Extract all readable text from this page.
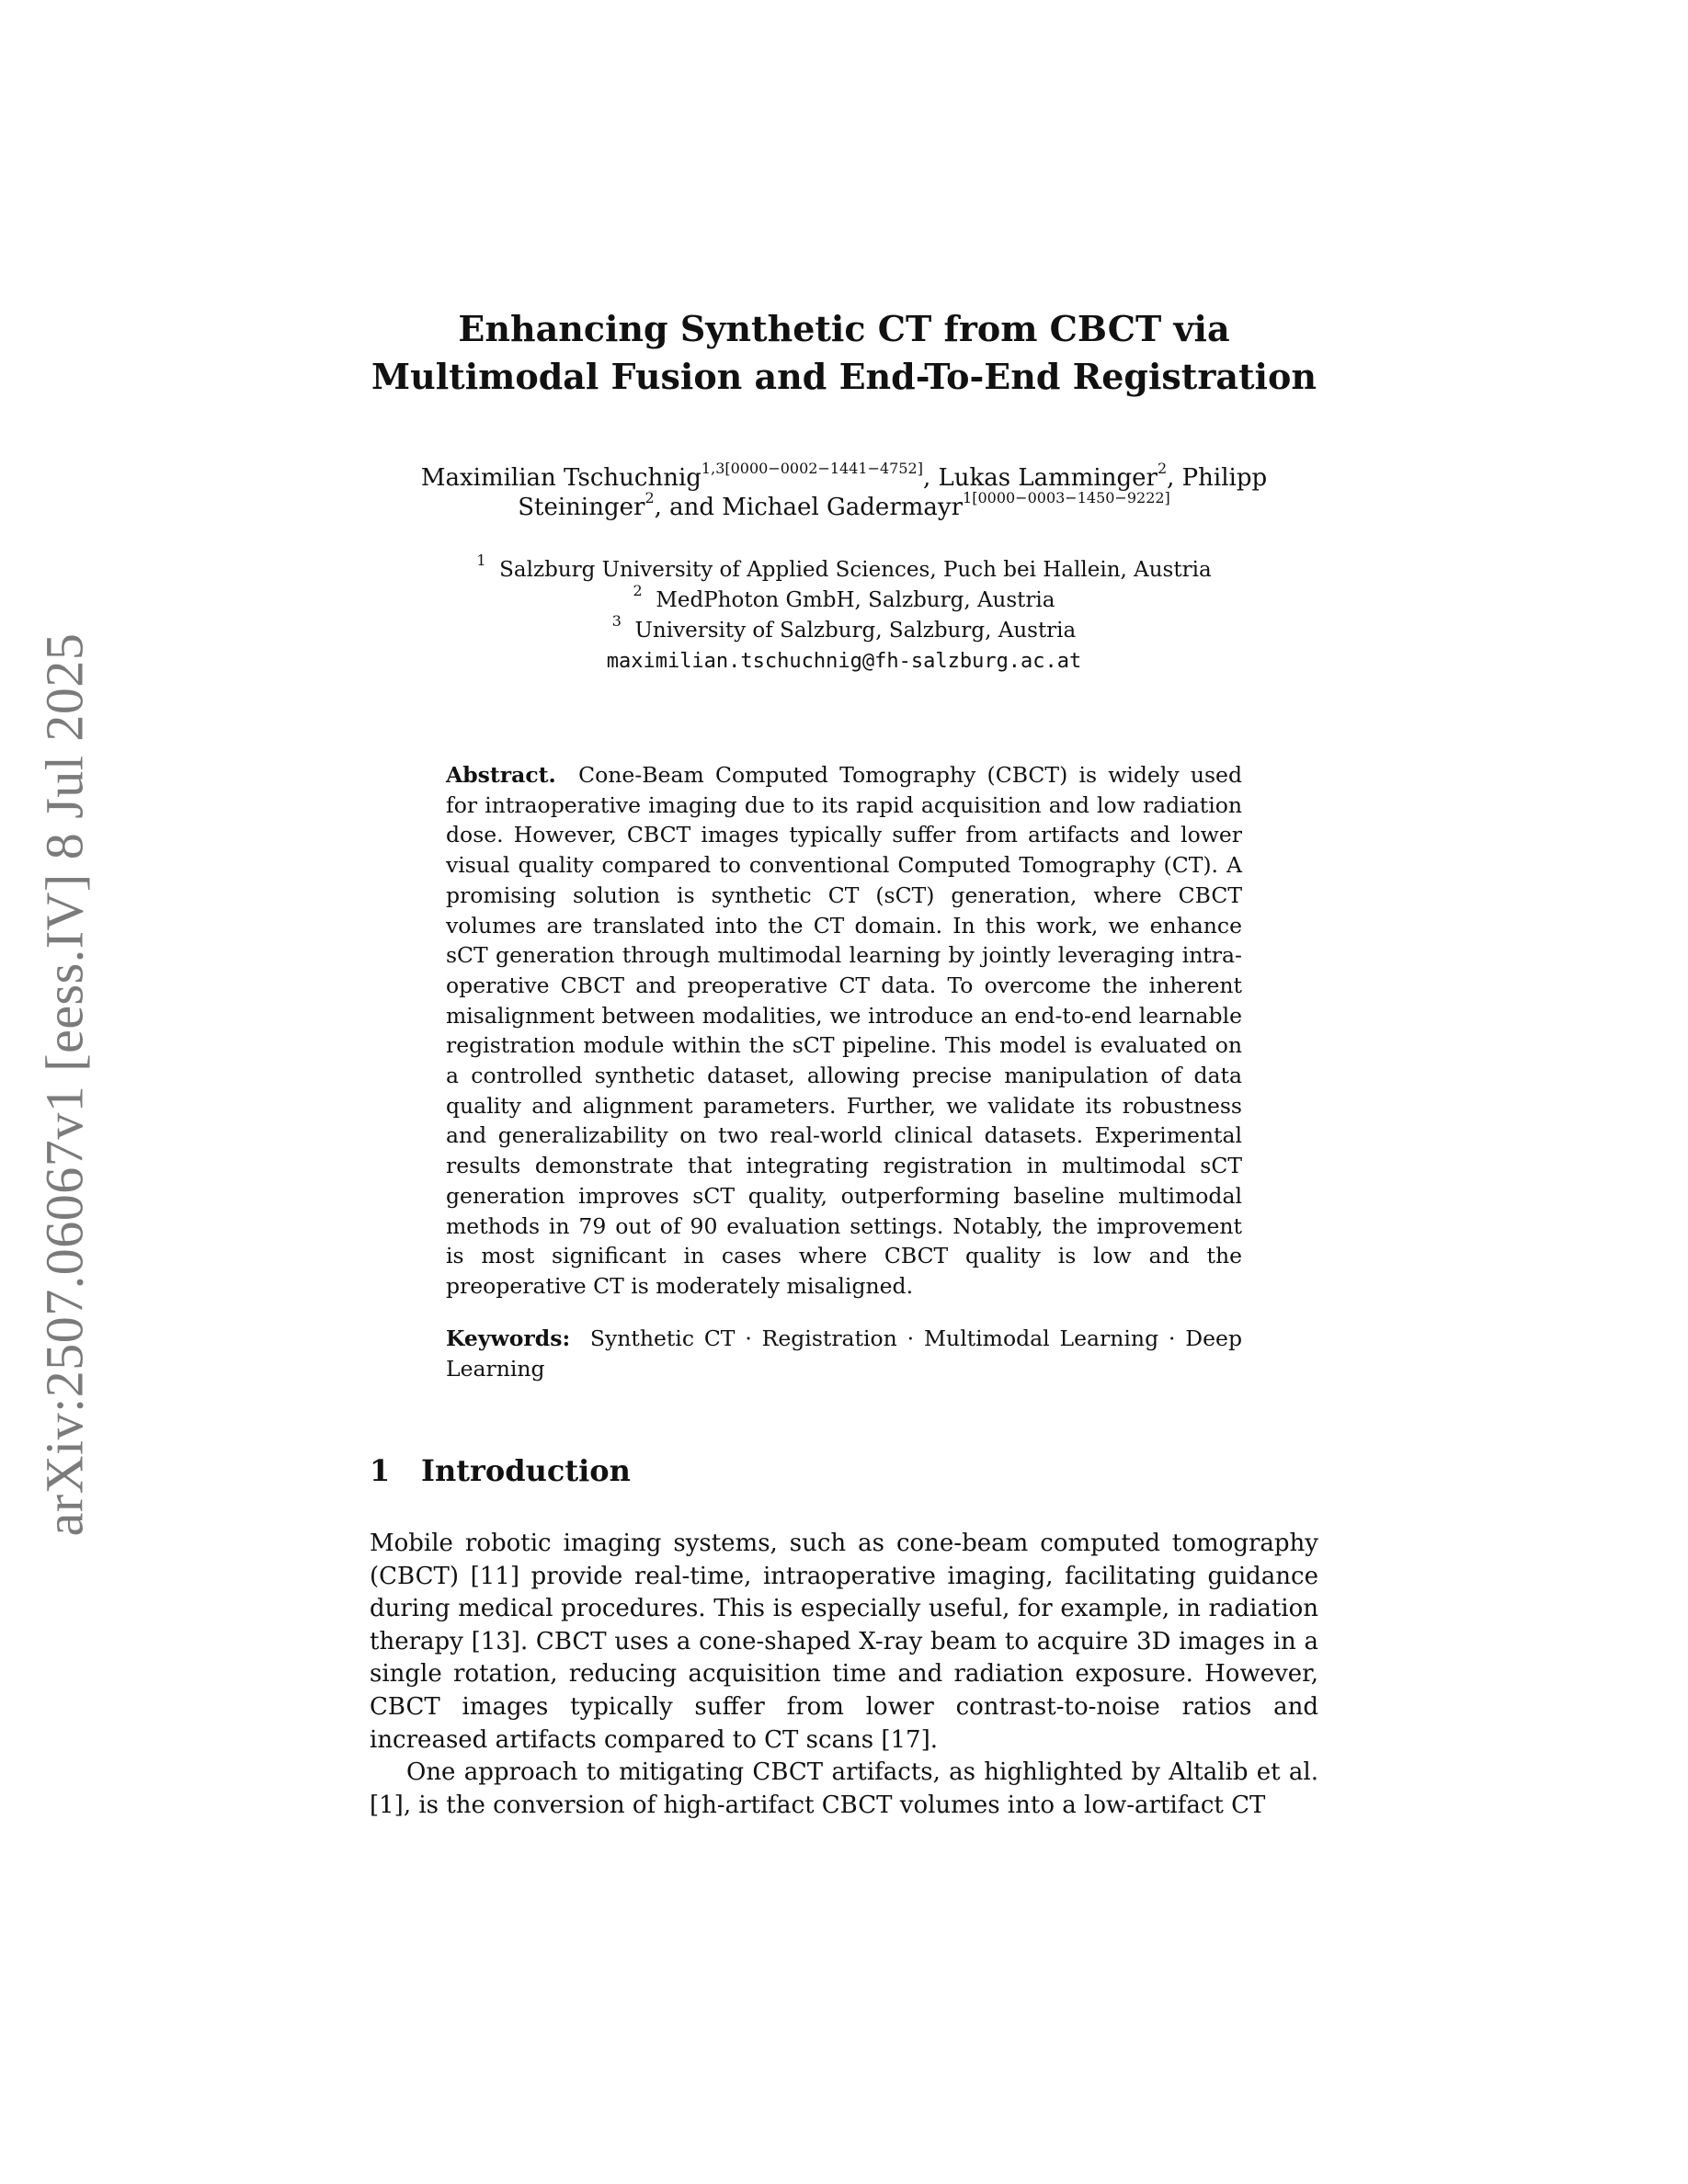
arXiv:2507.06067v1 [eess.IV] 8 Jul 2025
Enhancing Synthetic CT from CBCT via
Multimodal Fusion and End-To-End Registration
Maximilian Tschuchnig$^{1,3[0000-0002-1441-4752]}$, Lukas Lamminger$^2$, Philipp
Steininger$^2$, and Michael Gadermayr$^{1[0000-0003-1450-9222]}$
$^1$ Salzburg University of Applied Sciences, Puch bei Hallein, Austria
$^2$ MedPhoton GmbH, Salzburg, Austria
$^3$ University of Salzburg, Salzburg, Austria
maximilian.tschuchnig@fh-salzburg.ac.at
Abstract. Cone-Beam Computed Tomography (CBCT) is widely used for intraoperative imaging due to its rapid acquisition and low radiation dose. However, CBCT images typically suffer from artifacts and lower visual quality compared to conventional Computed Tomography (CT). A promising solution is synthetic CT (sCT) generation, where CBCT volumes are translated into the CT domain. In this work, we enhance sCT generation through multimodal learning by jointly leveraging intra-operative CBCT and preoperative CT data. To overcome the inherent misalignment between modalities, we introduce an end-to-end learnable registration module within the sCT pipeline. This model is evaluated on a controlled synthetic dataset, allowing precise manipulation of data quality and alignment parameters. Further, we validate its robustness and generalizability on two real-world clinical datasets. Experimental results demonstrate that integrating registration in multimodal sCT generation improves sCT quality, outperforming baseline multimodal methods in 79 out of 90 evaluation settings. Notably, the improvement is most significant in cases where CBCT quality is low and the preoperative CT is moderately misaligned.
Keywords: Synthetic CT · Registration · Multimodal Learning · Deep Learning
1 Introduction

Mobile robotic imaging systems, such as cone-beam computed tomography (CBCT) [11] provide real-time, intraoperative imaging, facilitating guidance during medical procedures. This is especially useful, for example, in radiation therapy [13]. CBCT uses a cone-shaped X-ray beam to acquire 3D images in a single rotation, reducing acquisition time and radiation exposure. However, CBCT images typically suffer from lower contrast-to-noise ratios and increased artifacts compared to CT scans [17].

One approach to mitigating CBCT artifacts, as highlighted by Altalib et al. [1], is the conversion of high-artifact CBCT volumes into a low-artifact CT
